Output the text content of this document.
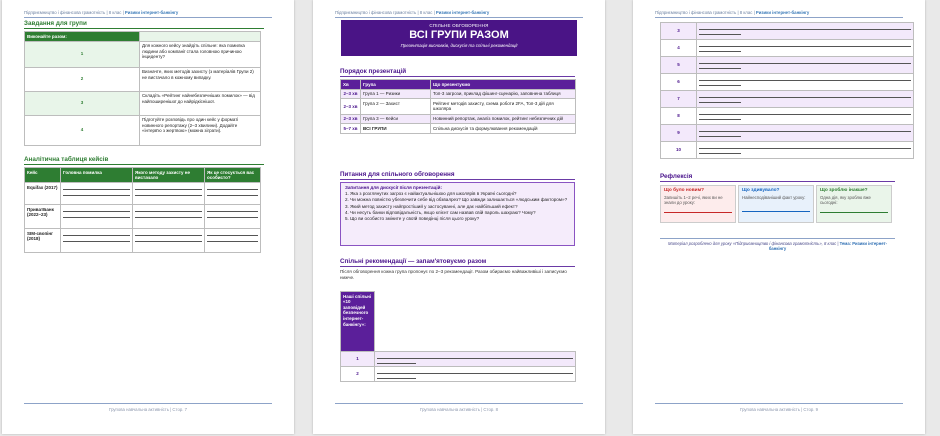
Підприємництво і фінансова грамотність | 8 клас | Ризики інтернет-банкінгу
Завдання для групи
Виконайте разом:	
1	Для кожного кейсу знайдіть спільне: яка помилка людини або компанії стала головною причиною інциденту?
2	Визначте, яких методів захисту (з матеріалів Групи 2) не вистачало в кожному випадку.
3	Складіть «Рейтинг найнебезпечніших помилок» — від найпоширенішої до найрідкіснішої.
4	Підготуйте розповідь про один кейс у форматі новинного репортажу (2–3 хвилини). Додайте «інтерв'ю з жертвою» (можна зіграти).
Аналітична таблиця кейсів
Кейс	Головна помилка	Якого методу захисту не вистачало	Як це стосується вас особисто?
Equifax (2017)	

ПриватБанк (2022–23)	

SIM-свопінг (2018)	

Групова навчальна активність | Стор. 7
Підприємництво і фінансова грамотність | 8 клас | Ризики інтернет-банкінгу
СПІЛЬНЕ ОБГОВОРЕННЯ
ВСІ ГРУПИ РАЗОМ
Презентація висновків, дискусія та спільні рекомендації
Порядок презентацій
Хв	Група	Що презентуємо
2–3 хв	Група 1 — Ризики	Топ-3 загрози, приклад фішинг-сценарію, заповнена таблиця
2–3 хв	Група 2 — Захист	Рейтинг методів захисту, схема роботи 2FA, Топ-3 дій для школяра
2–3 хв	Група 3 — Кейси	Новинний репортаж, аналіз помилок, рейтинг небезпечних дій
5–7 хв	ВСІ ГРУПИ	Спільна дискусія та формулювання рекомендацій
Питання для спільного обговорення
Запитання для дискусії після презентацій:
1. Яка з розглянутих загроз є найактуальнішою для школярів в Україні сьогодні?
2. Чи можна повністю убезпечити себе від обзвалрез? Що завжди залишається «людським фактором»?
3. Який метод захисту найпростіший у застосуванні, але дає найбільший ефект?
4. Чи несуть банки відповідальність, якщо клієнт сам назвав свій пароль шахраю? Чому?
5. Що ви особисто зміните у своїй поведінці після цього уроку?
Спільні рекомендації — запам'ятовуємо разом
Після обговорення кожна група пропонує по 2–3 рекомендації. Разом обираємо найважливіші і записуємо нижче.
Наші спільні «10 заповідей безпечного інтернет-банкінгу»:	
1	

2	
Групова навчальна активність | Стор. 8
Підприємництво і фінансова грамотність | 8 клас | Ризики інтернет-банкінгу
3	

4	

5	

6	

7	

8	

9	

10	
Рефлексія
Що було новим?
Запишіть 1–2 речі, яких ви не знали до уроку:
Що здивувало?
Найнесподіваніший факт уроку:
Що зроблю інакше?
Одна дія, яку зроблю вже сьогодні:
Матеріал розроблено для уроку «Підприємництво і фінансова грамотність», 8 клас | Тема: Ризики інтернет-банкінгу
Групова навчальна активність | Стор. 9
